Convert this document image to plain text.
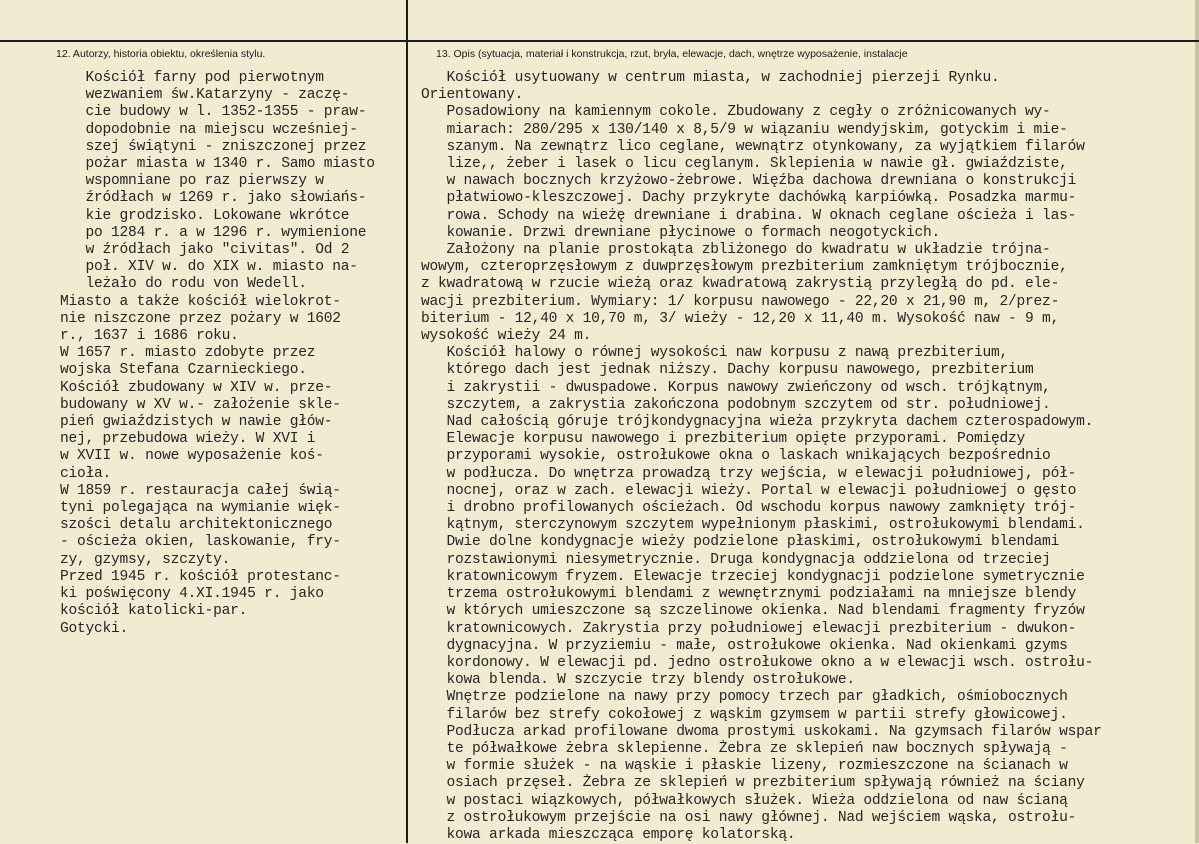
12. Autorzy, historia obiektu, określenia stylu.	13. Opis (sytuacja, materiał i konstrukcja, rzut, bryła, elewacje, dach, wnętrze wyposażenie, instalacje
Kościół farny pod pierwotnym
wezwaniem św.Katarzyny - zaczę-
cie budowy w l. 1352-1355 - praw-
dopodobnie na miejscu wcześniej-
szej świątyni - zniszczonej przez
pożar miasta w 1340 r. Samo miasto
wspomniane po raz pierwszy w
źródłach w 1269 r. jako słowiańs-
kie grodzisko. Lokowane wkrótce
po 1284 r. a w 1296 r. wymienione
w źródłach jako "civitas". Od 2
poł. XIV w. do XIX w. miasto na-
leżało do rodu von Wedell.
Miasto a także kościół wielokrot-
nie niszczone przez pożary w 1602
r., 1637 i 1686 roku.
W 1657 r. miasto zdobyte przez
wojska Stefana Czarnieckiego.
Kościół zbudowany w XIV w. prze-
budowany w XV w.- założenie skle-
pień gwiaździstych w nawie głów-
nej, przebudowa wieży. W XVI i
w XVII w. nowe wyposażenie koś-
cioła.
W 1859 r. restauracja całej świą-
tyni polegająca na wymianie więk-
szości detalu architektonicznego
- ościeża okien, laskowanie, fry-
zy, gzymsy, szczyty.
Przed 1945 r. kościół protestanc-
ki poświęcony 4.XI.1945 r. jako
kościół katolicki-par.
Gotycki.
Kościół usytuowany w centrum miasta, w zachodniej pierzeji Rynku.
Orientowany.
Posadowiony na kamiennym cokole. Zbudowany z cegły o zróżnicowanych wy-
miarach: 280/295 x 130/140 x 8,5/9 w wiązaniu wendyjskim, gotyckim i mie-
szanym. Na zewnątrz lico ceglane, wewnątrz otynkowany, za wyjątkiem filarów
lize,, żeber i lasek o licu ceglanym. Sklepienia w nawie gł. gwiaździste,
w nawach bocznych krzyżowo-żebrowe. Więźba dachowa drewniana o konstrukcji
płatwiowo-kleszczowej. Dachy przykryte dachówką karpiówką. Posadzka marmu-
rowa. Schody na wieżę drewniane i drabina. W oknach ceglane ościeża i las-
kowanie. Drzwi drewniane płycinowe o formach neogotyckich.
Założony na planie prostokąta zbliżonego do kwadratu w układzie trójna-
wowym, czteroprzęsłowym z duwprzęsłowym prezbiterium zamkniętym trójbocznie,
z kwadratową w rzucie wieżą oraz kwadratową zakrystią przyległą do pd. ele-
wacji prezbiterium. Wymiary: 1/ korpusu nawowego - 22,20 x 21,90 m, 2/prez-
biterium - 12,40 x 10,70 m, 3/ wieży - 12,20 x 11,40 m. Wysokość naw - 9 m,
wysokość wieży 24 m.
Kościół halowy o równej wysokości naw korpusu z nawą prezbiterium,
którego dach jest jednak niższy. Dachy korpusu nawowego, prezbiterium
i zakrystii - dwuspadowe. Korpus nawowy zwieńczony od wsch. trójkątnym,
szczytem, a zakrystia zakończona podobnym szczytem od str. południowej.
Nad całością góruje trójkondygnacyjna wieża przykryta dachem czterospadowym.
Elewacje korpusu nawowego i prezbiterium opięte przyporami. Pomiędzy
przyporami wysokie, ostrołukowe okna o laskach wnikających bezpośrednio
w podłucza. Do wnętrza prowadzą trzy wejścia, w elewacji południowej, pół-
nocnej, oraz w zach. elewacji wieży. Portal w elewacji południowej o gęsto
i drobno profilowanych ościeżach. Od wschodu korpus nawowy zamknięty trój-
kątnym, sterczynowym szczytem wypełnionym płaskimi, ostrołukowymi blendami.
Dwie dolne kondygnacje wieży podzielone płaskimi, ostrołukowymi blendami
rozstawionymi niesymetrycznie. Druga kondygnacja oddzielona od trzeciej
kratownicowym fryzem. Elewacje trzeciej kondygnacji podzielone symetrycznie
trzema ostrołukowymi blendami z wewnętrznymi podziałami na mniejsze blendy
w których umieszczone są szczelinowe okienka. Nad blendami fragmenty fryzów
kratownicowych. Zakrystia przy południowej elewacji prezbiterium - dwukon-
dygnacyjna. W przyziemiu - małe, ostrołukowe okienka. Nad okienkami gzyms
kordonowy. W elewacji pd. jedno ostrołukowe okno a w elewacji wsch. ostrołu-
kowa blenda. W szczycie trzy blendy ostrołukowe.
Wnętrze podzielone na nawy przy pomocy trzech par gładkich, ośmiobocznych
filarów bez strefy cokołowej z wąskim gzymsem w partii strefy głowicowej.
Podłucza arkad profilowane dwoma prostymi uskokami. Na gzymsach filarów wspar
te półwałkowe żebra sklepienne. Żebra ze sklepień naw bocznych spływają -
w formie służek - na wąskie i płaskie lizeny, rozmieszczone na ścianach w
osiach przęseł. Żebra ze sklepień w prezbiterium spływają również na ściany
w postaci wiązkowych, półwałkowych służek. Wieża oddzielona od naw ścianą
z ostrołukowym przejście na osi nawy głównej. Nad wejściem wąska, ostrołu-
kowa arkada mieszcząca emporę kolatorską.
